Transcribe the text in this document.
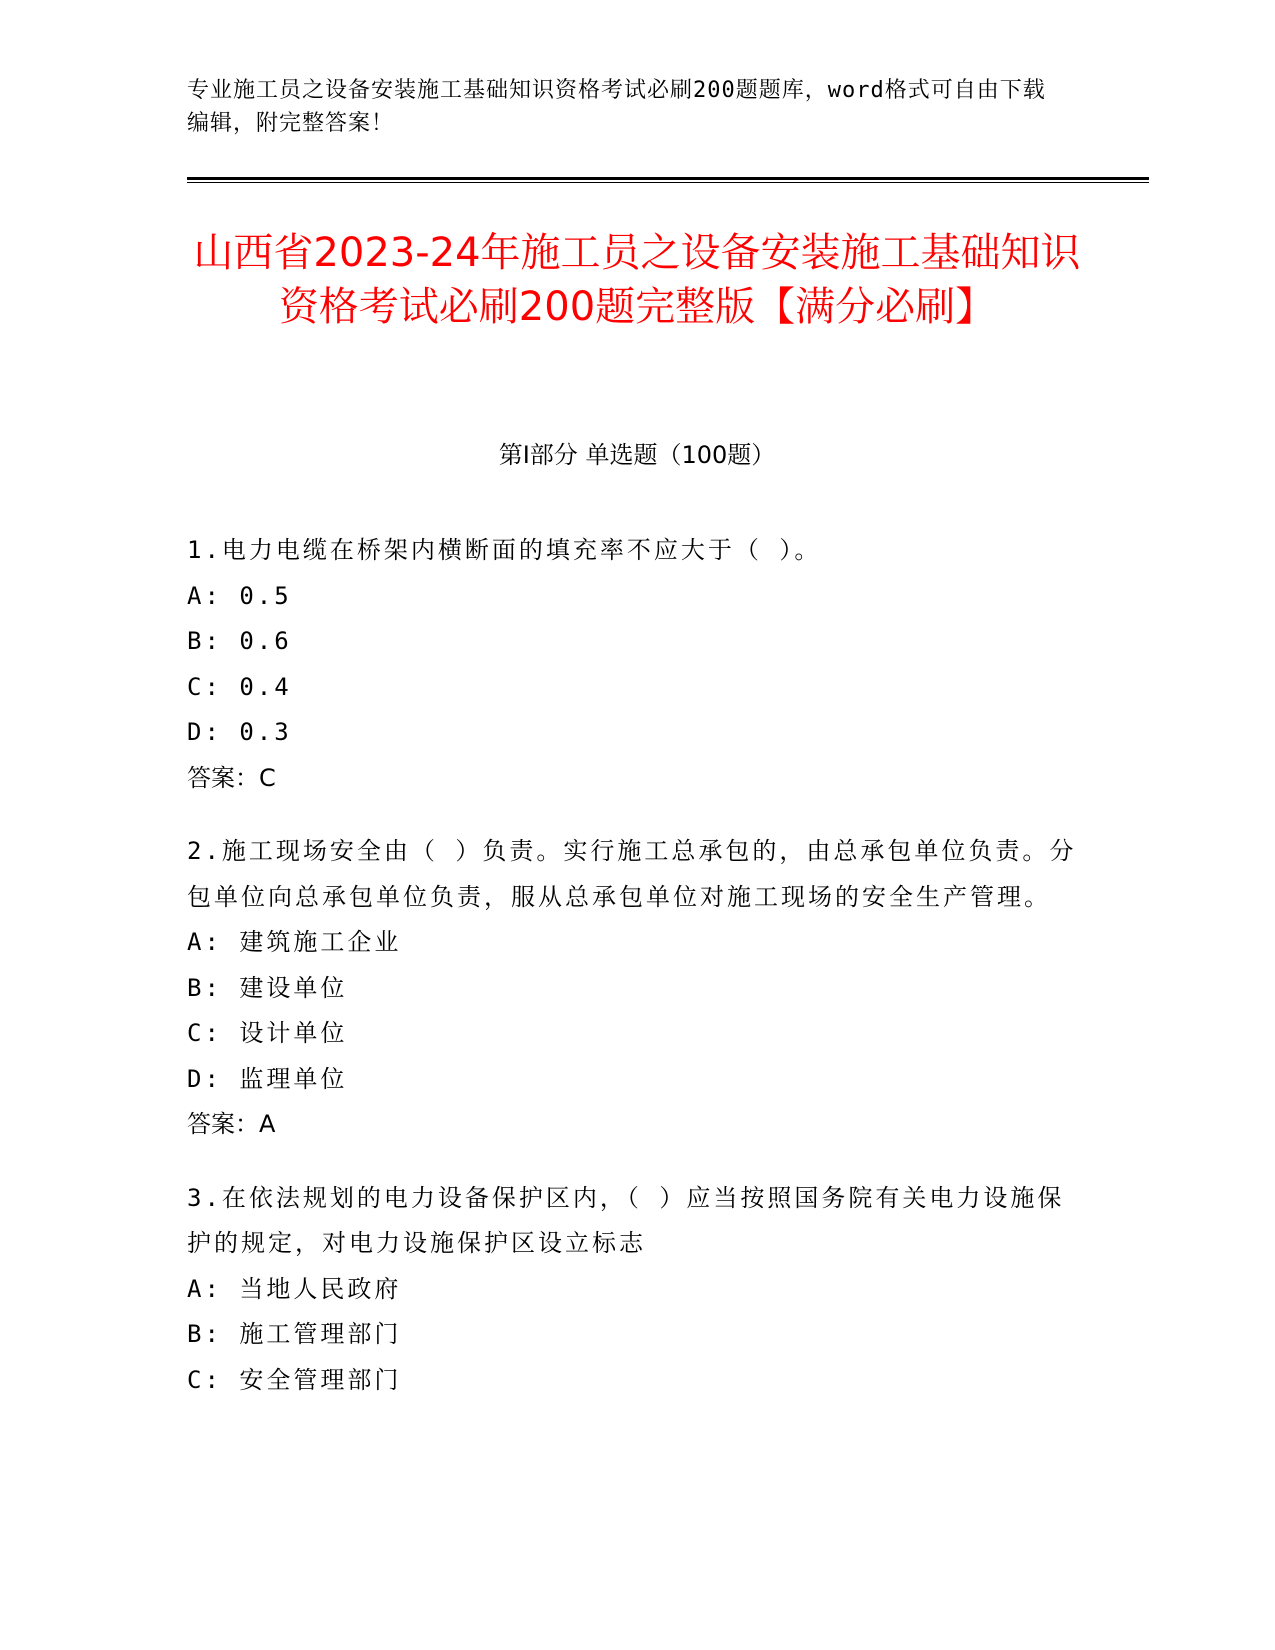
专业施工员之设备安装施工基础知识资格考试必刷200题题库，word格式可自由下载编辑，附完整答案！
山西省2023-24年施工员之设备安装施工基础知识资格考试必刷200题完整版【满分必刷】
第I部分 单选题（100题）

1.电力电缆在桥架内横断面的填充率不应大于（ ）。

A: 0.5

B: 0.6

C: 0.4

D: 0.3

答案：C

2.施工现场安全由（ ）负责。实行施工总承包的，由总承包单位负责。分包单位向总承包单位负责，服从总承包单位对施工现场的安全生产管理。

A: 建筑施工企业

B: 建设单位

C: 设计单位

D: 监理单位

答案：A

3.在依法规划的电力设备保护区内，（ ）应当按照国务院有关电力设施保护的规定，对电力设施保护区设立标志

A: 当地人民政府

B: 施工管理部门

C: 安全管理部门
